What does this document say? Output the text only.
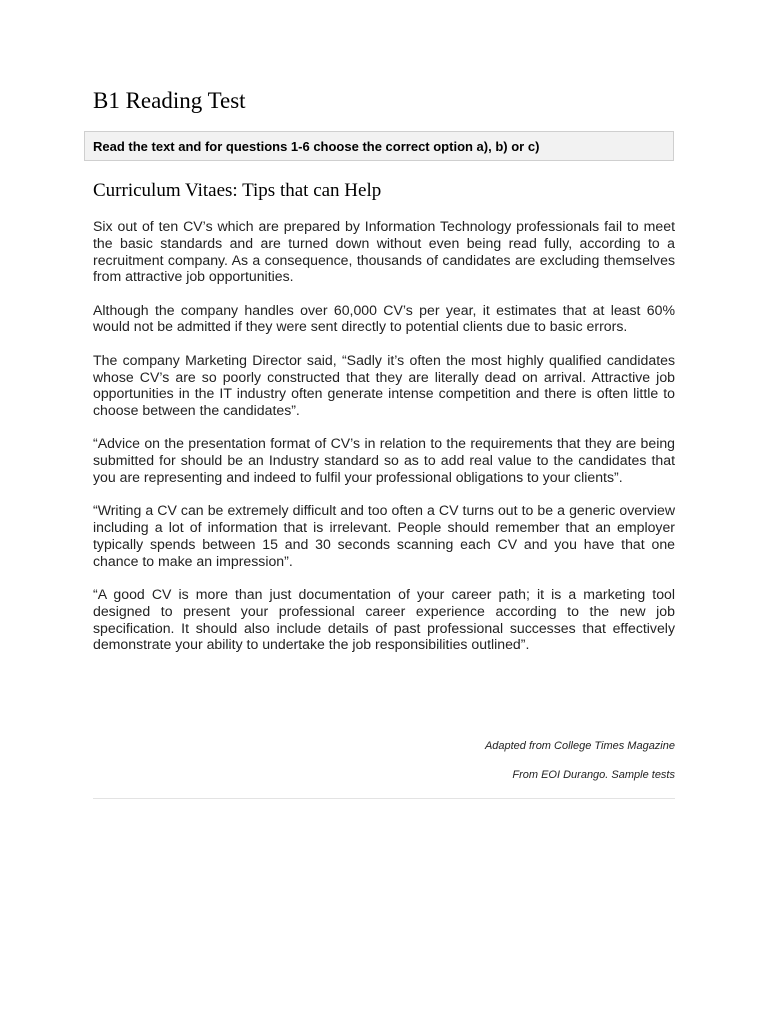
B1 Reading Test
Read the text and for questions 1-6 choose the correct option a), b) or c)
Curriculum Vitaes: Tips that can Help

Six out of ten CV’s which are prepared by Information Technology professionals fail to meet the basic standards and are turned down without even being read fully, according to a recruitment company. As a consequence, thousands of candidates are excluding themselves from attractive job opportunities.

Although the company handles over 60,000 CV’s per year, it estimates that at least 60% would not be admitted if they were sent directly to potential clients due to basic errors.

The company Marketing Director said, “Sadly it’s often the most highly qualified candidates whose CV’s are so poorly constructed that they are literally dead on arrival. Attractive job opportunities in the IT industry often generate intense competition and there is often little to choose between the candidates”.

“Advice on the presentation format of CV’s in relation to the requirements that they are being submitted for should be an Industry standard so as to add real value to the candidates that you are representing and indeed to fulfil your professional obligations to your clients”.

“Writing a CV can be extremely difficult and too often a CV turns out to be a generic overview including a lot of information that is irrelevant. People should remember that an employer typically spends between 15 and 30 seconds scanning each CV and you have that one chance to make an impression”.

“A good CV is more than just documentation of your career path; it is a marketing tool designed to present your professional career experience according to the new job specification. It should also include details of past professional successes that effectively demonstrate your ability to undertake the job responsibilities outlined”.

Adapted from College Times Magazine
From EOI Durango. Sample tests
